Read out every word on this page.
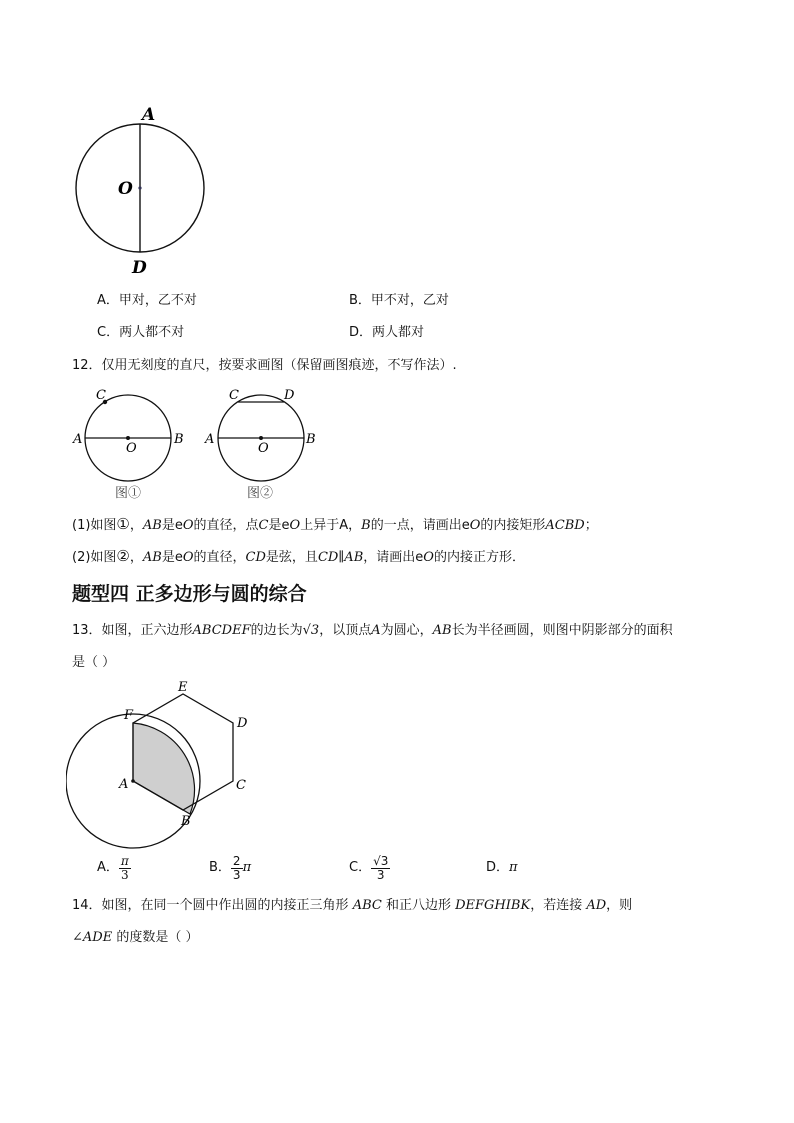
A
O
D
A．甲对，乙不对	B．甲不对，乙对
C．两人都不对	D．两人都对
12．仅用无刻度的直尺，按要求画图（保留画图痕迹，不写作法）.
C
A
O
B
图①
C	D
A
O
B
图②
(1)如图①，AB是eO的直径，点C是eO上异于A，B的一点，请画出eO的内接矩形ACBD；
(2)如图②，AB是eO的直径，CD是弦，且CD∥AB，请画出eO的内接正方形．
题型四 正多边形与圆的综合
13．如图，正六边形ABCDEF的边长为√3，以顶点A为圆心，AB长为半径画圆，则图中阴影部分的面积
是（ ）
E
F
D
A	C
B
A． $\frac{\pi}{3}$	B． $\frac{2}{3}$ π	C． $\frac{√3}{3}$	D． π
14．如图，在同一个圆中作出圆的内接正三角形 ABC 和正八边形 DEFGHIBK，若连接 AD，则
∠ADE 的度数是（ ）
